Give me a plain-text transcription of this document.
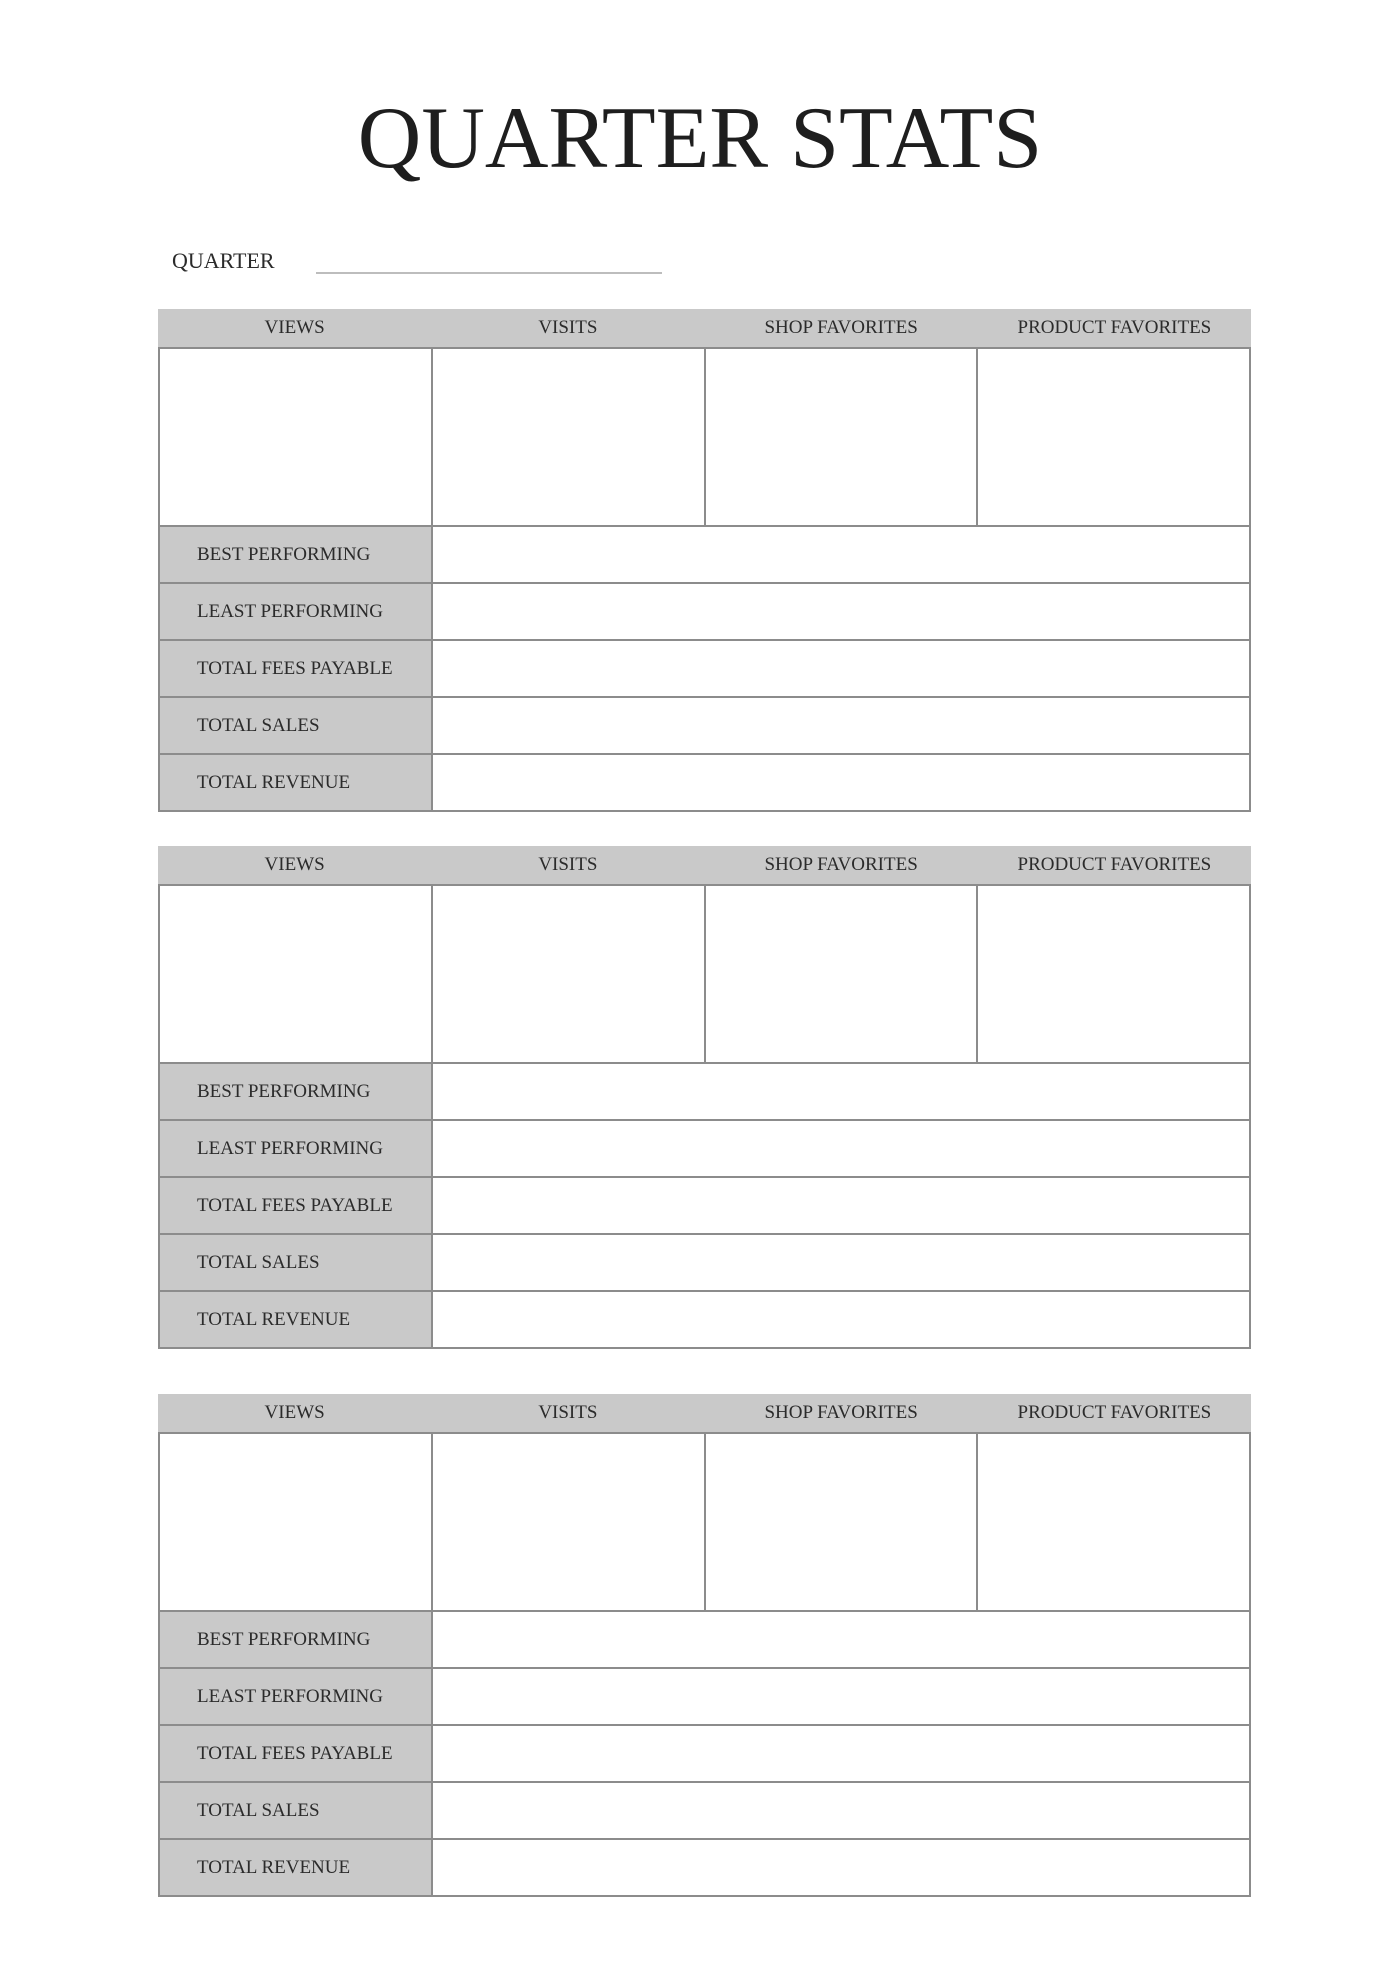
QUARTER STATS
QUARTER
VIEWS	VISITS	SHOP FAVORITES	PRODUCT FAVORITES
BEST PERFORMING
LEAST PERFORMING
TOTAL FEES PAYABLE
TOTAL SALES
TOTAL REVENUE
VIEWS	VISITS	SHOP FAVORITES	PRODUCT FAVORITES
BEST PERFORMING
LEAST PERFORMING
TOTAL FEES PAYABLE
TOTAL SALES
TOTAL REVENUE
VIEWS	VISITS	SHOP FAVORITES	PRODUCT FAVORITES
BEST PERFORMING
LEAST PERFORMING
TOTAL FEES PAYABLE
TOTAL SALES
TOTAL REVENUE
